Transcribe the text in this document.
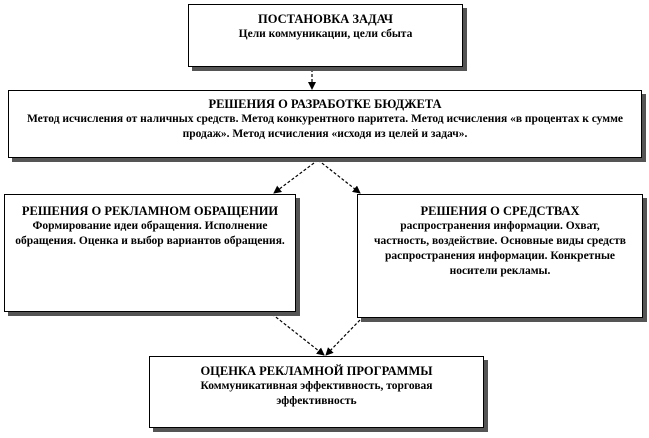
ПОСТАНОВКА ЗАДАЧ
Цели коммуникации, цели сбыта
РЕШЕНИЯ О РАЗРАБОТКЕ БЮДЖЕТА
Метод исчисления от наличных средств. Метод конкурентного паритета. Метод исчисления «в процентах к сумме продаж». Метод исчисления «исходя из целей и задач».
РЕШЕНИЯ О РЕКЛАМНОМ ОБРАЩЕНИИ
Формирование идеи обращения. Исполнение обращения. Оценка и выбор вариантов обращения.
РЕШЕНИЯ О СРЕДСТВАХ
распространения информации. Охват, частность, воздействие. Основные виды средств распространения информации. Конкретные носители рекламы.
ОЦЕНКА РЕКЛАМНОЙ ПРОГРАММЫ
Коммуникативная эффективность, торговая эффективность
